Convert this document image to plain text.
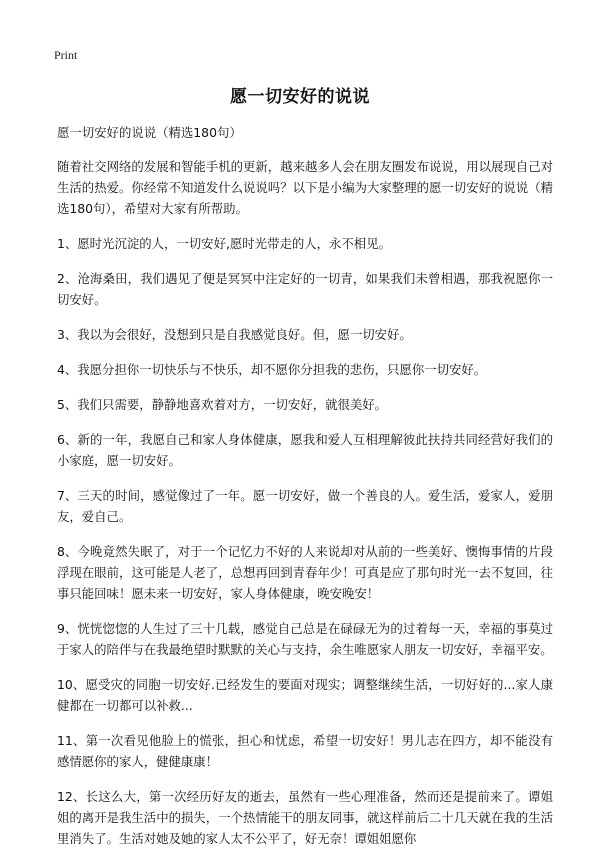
Print
愿一切安好的说说

愿一切安好的说说（精选180句）

随着社交网络的发展和智能手机的更新，越来越多人会在朋友圈发布说说，用以展现自己对生活的热爱。你经常不知道发什么说说吗？以下是小编为大家整理的愿一切安好的说说（精选180句），希望对大家有所帮助。

1、愿时光沉淀的人，一切安好,愿时光带走的人，永不相见。

2、沧海桑田，我们遇见了便是冥冥中注定好的一切青，如果我们未曾相遇，那我祝愿你一切安好。

3、我以为会很好，没想到只是自我感觉良好。但，愿一切安好。

4、我愿分担你一切快乐与不快乐，却不愿你分担我的悲伤，只愿你一切安好。

5、我们只需要，静静地喜欢着对方，一切安好，就很美好。

6、新的一年，我愿自己和家人身体健康，愿我和爱人互相理解彼此扶持共同经营好我们的小家庭，愿一切安好。

7、三天的时间，感觉像过了一年。愿一切安好，做一个善良的人。爱生活，爱家人，爱朋友，爱自己。

8、今晚竟然失眠了，对于一个记忆力不好的人来说却对从前的一些美好、懊悔事情的片段浮现在眼前，这可能是人老了，总想再回到青春年少！可真是应了那句时光一去不复回，往事只能回味！愿未来一切安好，家人身体健康，晚安晚安！

9、恍恍惚惚的人生过了三十几载，感觉自己总是在碌碌无为的过着每一天，幸福的事莫过于家人的陪伴与在我最绝望时默默的关心与支持，余生唯愿家人朋友一切安好，幸福平安。

10、愿受灾的同胞一切安好.已经发生的要面对现实；调整继续生活，一切好好的...家人康健都在一切都可以补救...

11、第一次看见他脸上的慌张，担心和忧虑，希望一切安好！男儿志在四方，却不能没有感情愿你的家人，健健康康！

12、长这么大，第一次经历好友的逝去，虽然有一些心理准备，然而还是提前来了。谭姐姐的离开是我生活中的损失，一个热情能干的朋友同事，就这样前后二十几天就在我的生活里消失了。生活对她及她的家人太不公平了，好无奈！谭姐姐愿你
